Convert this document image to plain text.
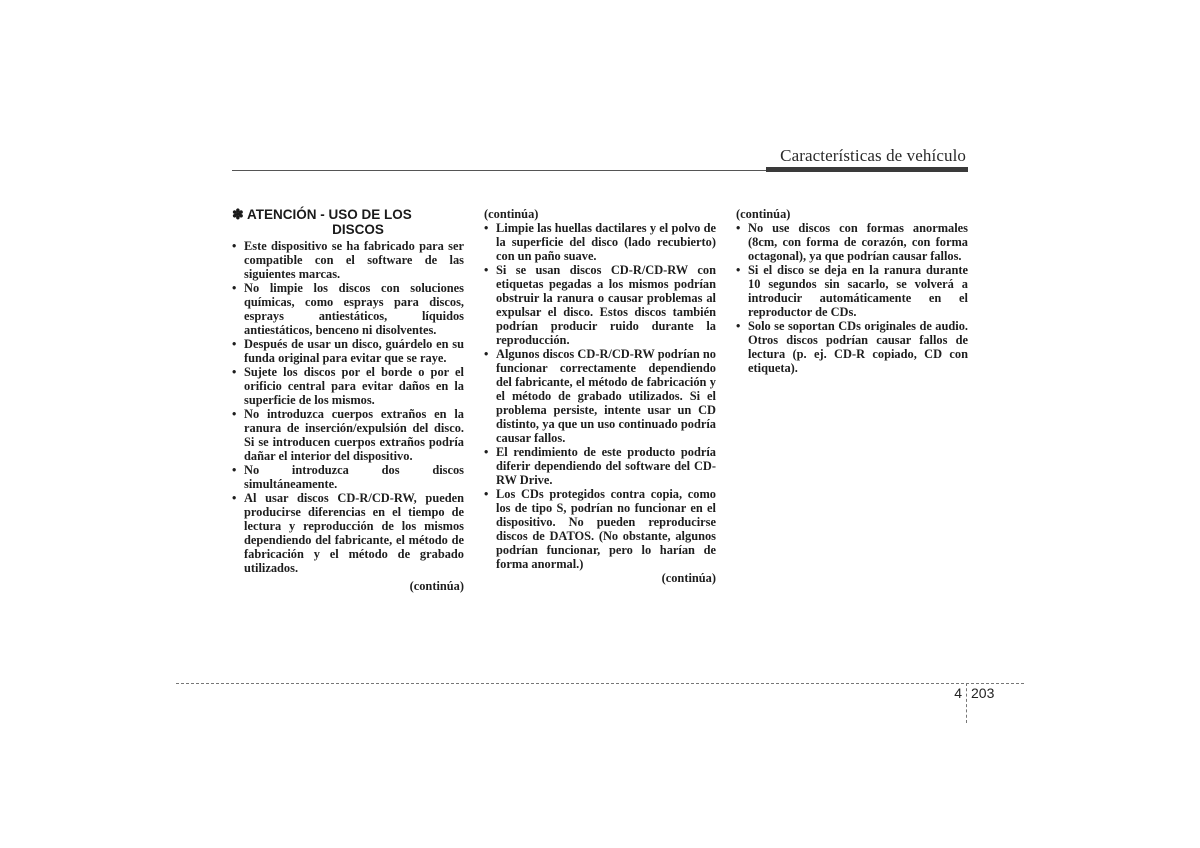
Características de vehículo
✽ ATENCIÓN - USO DE LOS
DISCOS
• Este dispositivo se ha fabricado para ser compatible con el software de las siguientes marcas.
• No limpie los discos con soluciones químicas, como esprays para discos, esprays antiestáticos, líquidos antiestáticos, benceno ni disolventes.
• Después de usar un disco, guárdelo en su funda original para evitar que se raye.
• Sujete los discos por el borde o por el orificio central para evitar daños en la superficie de los mismos.
• No introduzca cuerpos extraños en la ranura de inserción/expulsión del disco. Si se introducen cuerpos extraños podría dañar el interior del dispositivo.
• No introduzca dos discos simultáneamente.
• Al usar discos CD-R/CD-RW, pueden producirse diferencias en el tiempo de lectura y reproducción de los mismos dependiendo del fabricante, el método de fabricación y el método de grabado utilizados.
(continúa)
(continúa)
• Limpie las huellas dactilares y el polvo de la superficie del disco (lado recubierto) con un paño suave.
• Si se usan discos CD-R/CD-RW con etiquetas pegadas a los mismos podrían obstruir la ranura o causar problemas al expulsar el disco. Estos discos también podrían producir ruido durante la reproducción.
• Algunos discos CD-R/CD-RW podrían no funcionar correctamente dependiendo del fabricante, el método de fabricación y el método de grabado utilizados. Si el problema persiste, intente usar un CD distinto, ya que un uso continuado podría causar fallos.
• El rendimiento de este producto podría diferir dependiendo del software del CD-RW Drive.
• Los CDs protegidos contra copia, como los de tipo S, podrían no funcionar en el dispositivo. No pueden reproducirse discos de DATOS. (No obstante, algunos podrían funcionar, pero lo harían de forma anormal.)
(continúa)
(continúa)
• No use discos con formas anormales (8cm, con forma de corazón, con forma octagonal), ya que podrían causar fallos.
• Si el disco se deja en la ranura durante 10 segundos sin sacarlo, se volverá a introducir automáticamente en el reproductor de CDs.
• Solo se soportan CDs originales de audio. Otros discos podrían causar fallos de lectura (p. ej. CD-R copiado, CD con etiqueta).
4 203
